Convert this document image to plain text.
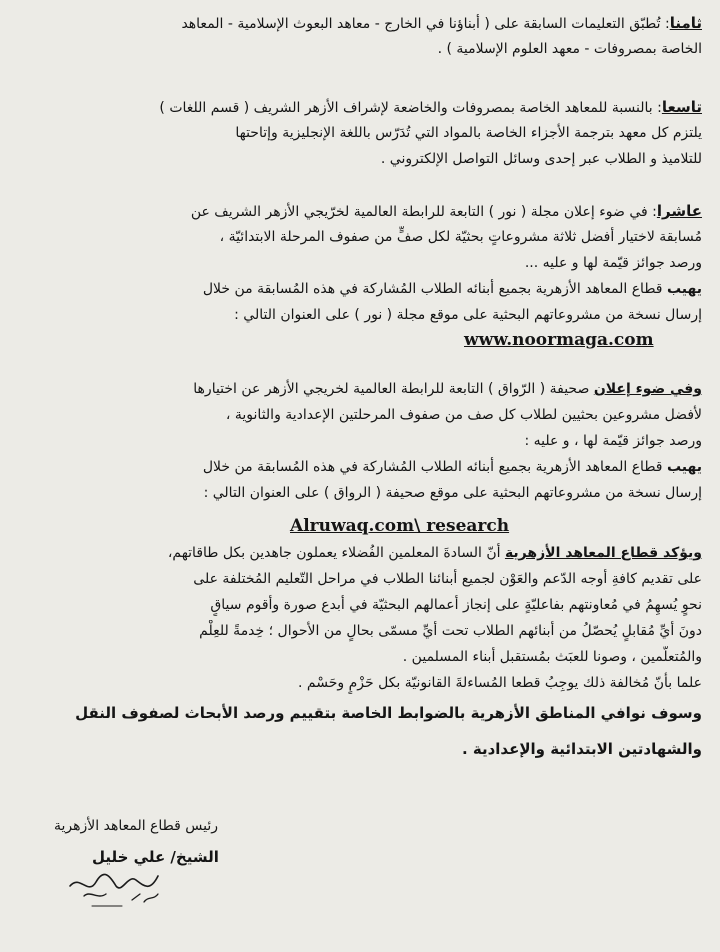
ثامنا: تُطبّق التعليمات السابقة على ( أبناؤنا في الخارج - معاهد البعوث الإسلامية - المعاهد
الخاصة بمصروفات - معهد العلوم الإسلامية ) .
تاسعا: بالنسبة للمعاهد الخاصة بمصروفات والخاضعة لإشراف الأزهر الشريف ( قسم اللغات )
يلتزم كل معهد بترجمة الأجزاء الخاصة بالمواد التي تُدَرّس باللغة الإنجليزية وإتاحتها
للتلاميذ و الطلاب عبر إحدى وسائل التواصل الإلكتروني .
عاشرا: في ضوء إعلان مجلة ( نور ) التابعة للرابطة العالمية لخرّيجي الأزهر الشريف عن
مُسابقة لاختيار أفضل ثلاثة مشروعاتٍ بحثيّة لكل صفٍّ من صفوف المرحلة الابتدائيّة ،
ورصد جوائز قيّمة لها و عليه ...
يهيب قطاع المعاهد الأزهرية بجميع أبنائه الطلاب المُشاركة في هذه المُسابقة من خلال
إرسال نسخة من مشروعاتهم البحثية على موقع مجلة ( نور ) على العنوان التالي :
www.noormaga.com
وفي ضوء إعلان صحيفة ( الرّواق ) التابعة للرابطة العالمية لخريجي الأزهر عن اختيارها
لأفضل مشروعين بحثيين لطلاب كل صف من صفوف المرحلتين الإعدادية والثانوية ،
ورصد جوائز قيّمة لها ، و عليه :
يهيب قطاع المعاهد الأزهرية بجميع أبنائه الطلاب المُشاركة في هذه المُسابقة من خلال
إرسال نسخة من مشروعاتهم البحثية على موقع صحيفة ( الرواق ) على العنوان التالي :
Alruwaq.com\ research
ويؤكد قطاع المعاهد الأزهرية أنّ السادةَ المعلمين الفُضلاء يعملون جاهدين بكل طاقاتهم،
على تقديم كافةِ أوجه الدّعم والعَوْن لجميع أبنائنا الطلاب في مراحل التّعليم المُختلفة على
نحوٍ يُسهِمُ في مُعاونتهم بفاعليّةٍ على إنجاز أعمالهم البحثيّة في أبدع صورة وأقوم سياقٍ
دونَ أيِّ مُقابلٍ يُحصّلُ من أبنائهم الطلاب تحت أيِّ مسمّى بحالٍ من الأحوال ؛ خِدمةً للعِلْم
والمُتعلّمين ، وصونا للعبَث بمُستقبل أبناء المسلمين .
علما بأنّ مُخالفة ذلك يوجِبُ قطعا المُساءلةَ القانونيّة بكل حَزْمٍ وحَسْم .
وسوف نوافي المناطق الأزهرية بالضوابط الخاصة بتقييم ورصد الأبحاث لصفوف النقل
والشهادتين الابتدائية والإعدادية .
رئيس قطاع المعاهد الأزهرية
الشيخ/ علي خليل
